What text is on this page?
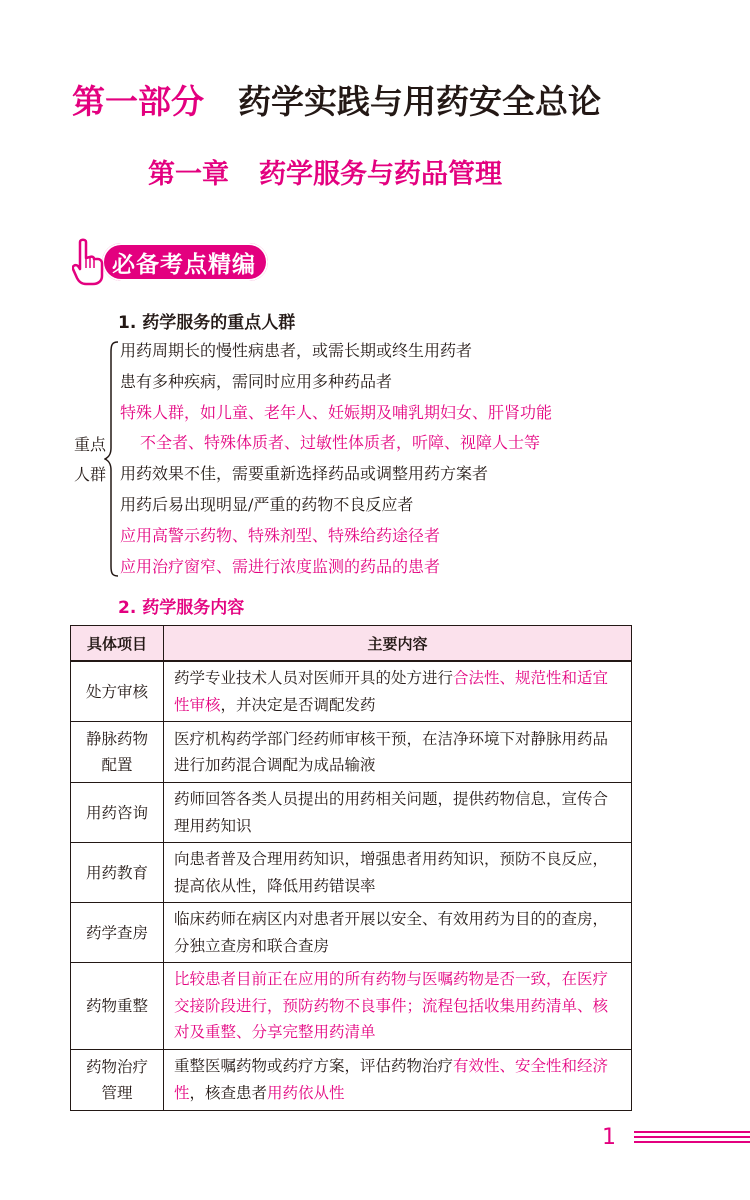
第一部分 药学实践与用药安全总论
第一章 药学服务与药品管理
必备考点精编
1. 药学服务的重点人群
重点
人群
用药周期长的慢性病患者，或需长期或终生用药者
患有多种疾病，需同时应用多种药品者
特殊人群，如儿童、老年人、妊娠期及哺乳期妇女、肝肾功能
不全者、特殊体质者、过敏性体质者，听障、视障人士等
用药效果不佳，需要重新选择药品或调整用药方案者
用药后易出现明显/严重的药物不良反应者
应用高警示药物、特殊剂型、特殊给药途径者
应用治疗窗窄、需进行浓度监测的药品的患者
2. 药学服务内容
具体项目	主要内容
处方审核	药学专业技术人员对医师开具的处方进行合法性、规范性和适宜性审核，并决定是否调配发药
静脉药物
配置	医疗机构药学部门经药师审核干预，在洁净环境下对静脉用药品进行加药混合调配为成品输液
用药咨询	药师回答各类人员提出的用药相关问题，提供药物信息，宣传合理用药知识
用药教育	向患者普及合理用药知识，增强患者用药知识，预防不良反应，提高依从性，降低用药错误率
药学查房	临床药师在病区内对患者开展以安全、有效用药为目的的查房，分独立查房和联合查房
药物重整	比较患者目前正在应用的所有药物与医嘱药物是否一致，在医疗交接阶段进行，预防药物不良事件；流程包括收集用药清单、核对及重整、分享完整用药清单
药物治疗
管理	重整医嘱药物或药疗方案，评估药物治疗有效性、安全性和经济性，核查患者用药依从性
1
